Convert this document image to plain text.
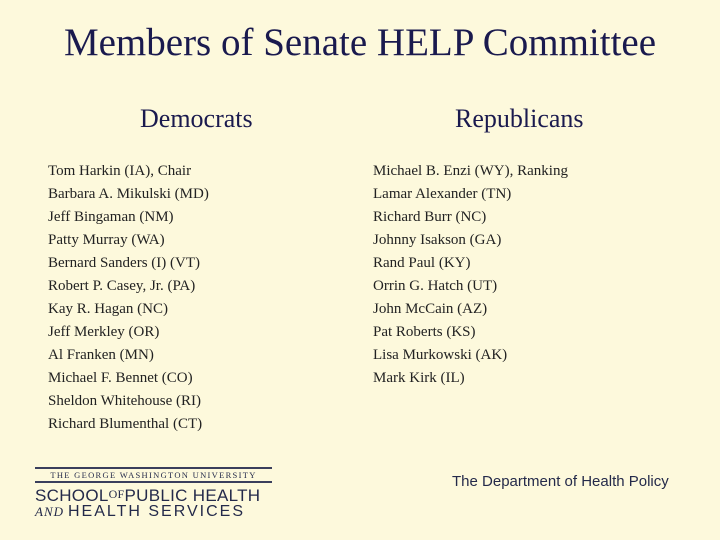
Members of Senate HELP Committee
Democrats	Republicans
Tom Harkin (IA), Chair
Barbara A. Mikulski (MD)
Jeff Bingaman (NM)
Patty Murray (WA)
Bernard Sanders (I) (VT)
Robert P. Casey, Jr. (PA)
Kay R. Hagan (NC)
Jeff Merkley (OR)
Al Franken (MN)
Michael F. Bennet (CO)
Sheldon Whitehouse (RI)
Richard Blumenthal (CT)
Michael B. Enzi (WY), Ranking
Lamar Alexander (TN)
Richard Burr (NC)
Johnny Isakson (GA)
Rand Paul (KY)
Orrin G. Hatch (UT)
John McCain (AZ)
Pat Roberts (KS)
Lisa Murkowski (AK)
Mark Kirk (IL)
THE GEORGE WASHINGTON UNIVERSITY
SCHOOLOFPUBLIC HEALTH
AND HEALTH SERVICES
The Department of Health Policy
